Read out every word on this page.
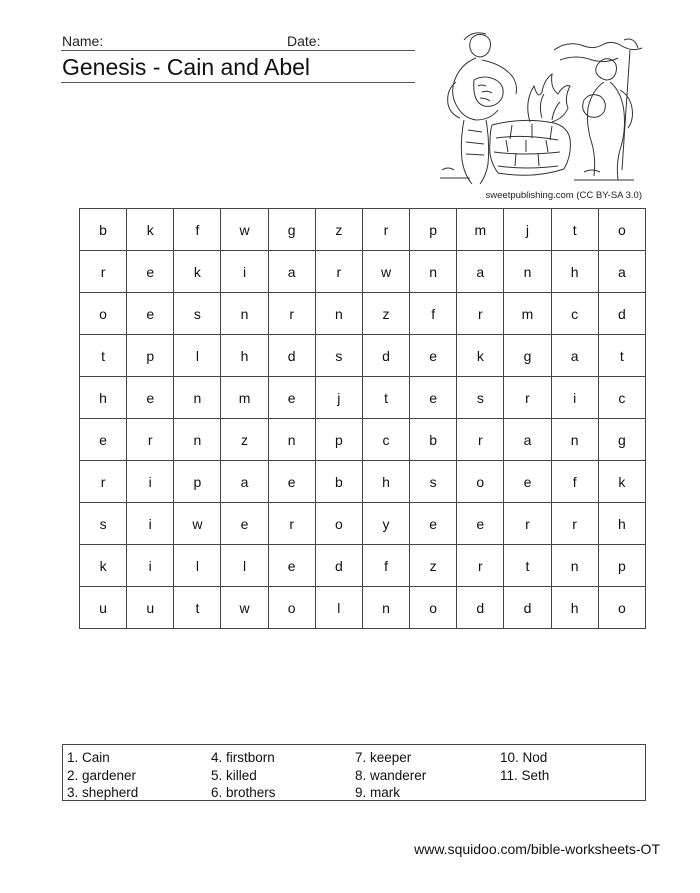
Name:	Date:
Genesis - Cain and Abel
sweetpublishing.com (CC BY-SA 3.0)
b	k	f	w	g	z	r	p	m	j	t	o
r	e	k	i	a	r	w	n	a	n	h	a
o	e	s	n	r	n	z	f	r	m	c	d
t	p	l	h	d	s	d	e	k	g	a	t
h	e	n	m	e	j	t	e	s	r	i	c
e	r	n	z	n	p	c	b	r	a	n	g
r	i	p	a	e	b	h	s	o	e	f	k
s	i	w	e	r	o	y	e	e	r	r	h
k	i	l	l	e	d	f	z	r	t	n	p
u	u	t	w	o	l	n	o	d	d	h	o
1. Cain
2. gardener
3. shepherd
4. firstborn
5. killed
6. brothers
7. keeper
8. wanderer
9. mark
10. Nod
11. Seth
www.squidoo.com/bible-worksheets-OT
